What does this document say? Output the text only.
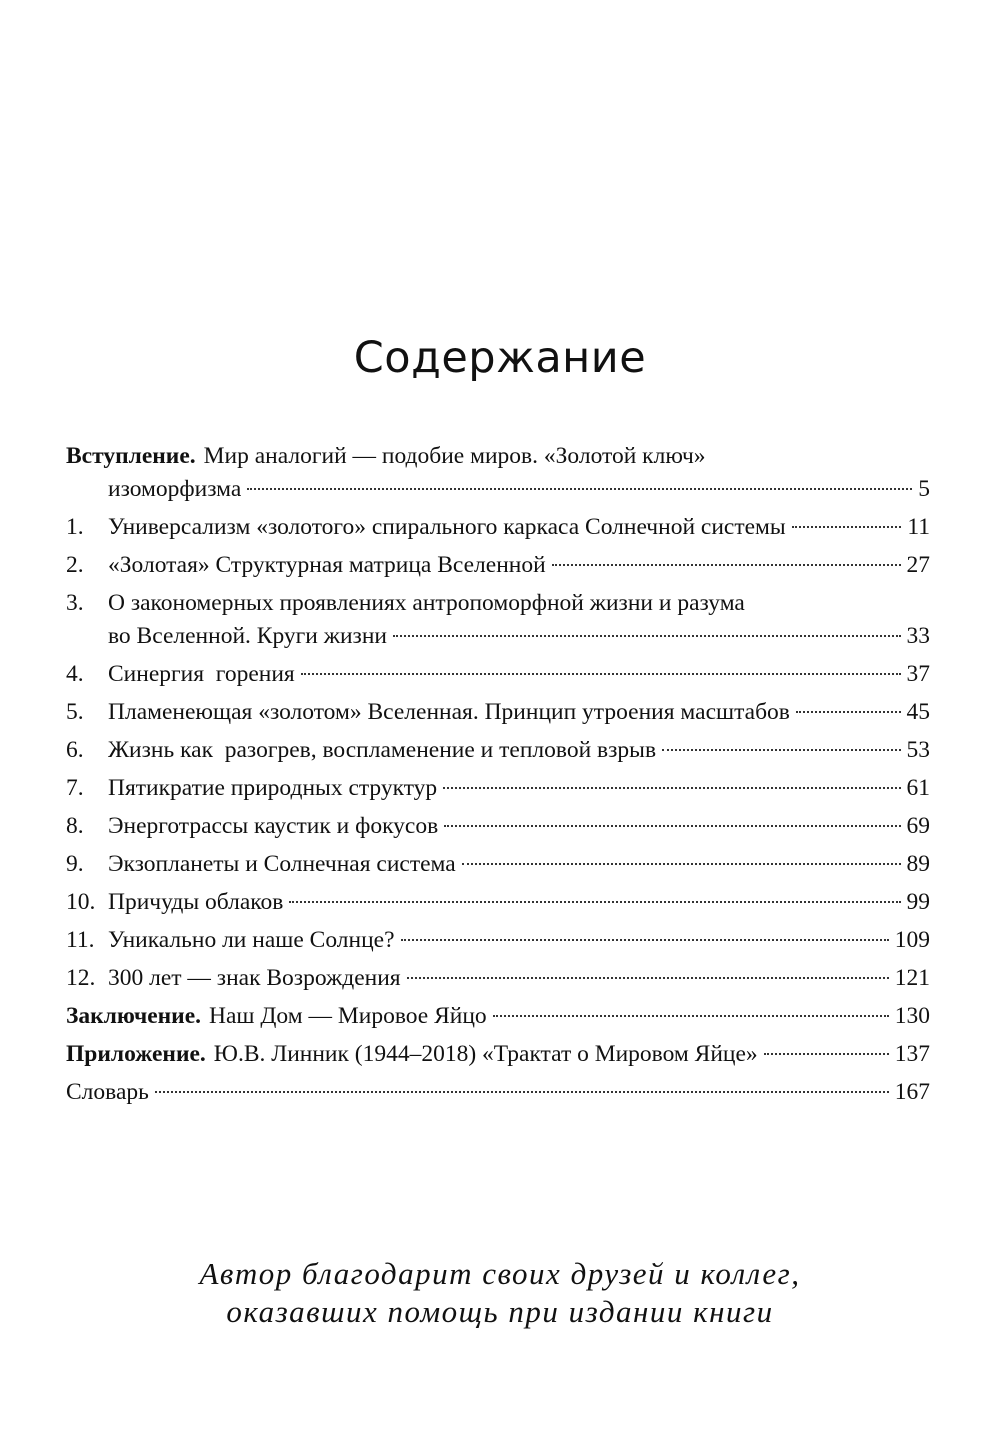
Содержание
Вступление. Мир аналогий — подобие миров. «Золотой ключ»
изоморфизма	5
1.	Универсализм «золотого» спирального каркаса Солнечной системы	11
2.	«Золотая» Структурная матрица Вселенной	27
3.	О закономерных проявлениях антропоморфной жизни и разума
во Вселенной. Круги жизни	33
4.	Синергия  горения	37
5.	Пламенеющая «золотом» Вселенная. Принцип утроения масштабов	45
6.	Жизнь как  разогрев, воспламенение и тепловой взрыв	53
7.	Пятикратие природных структур	61
8.	Энерготрассы каустик и фокусов	69
9.	Экзопланеты и Солнечная система	89
10. Причуды облаков	99
11. Уникально ли наше Солнце?	109
12. 300 лет — знак Возрождения	121
Заключение. Наш Дом — Мировое Яйцо	130
Приложение. Ю.В. Линник (1944–2018) «Трактат о Мировом Яйце»	137
Словарь	167
Автор благодарит своих друзей и коллег,
оказавших помощь при издании книги
